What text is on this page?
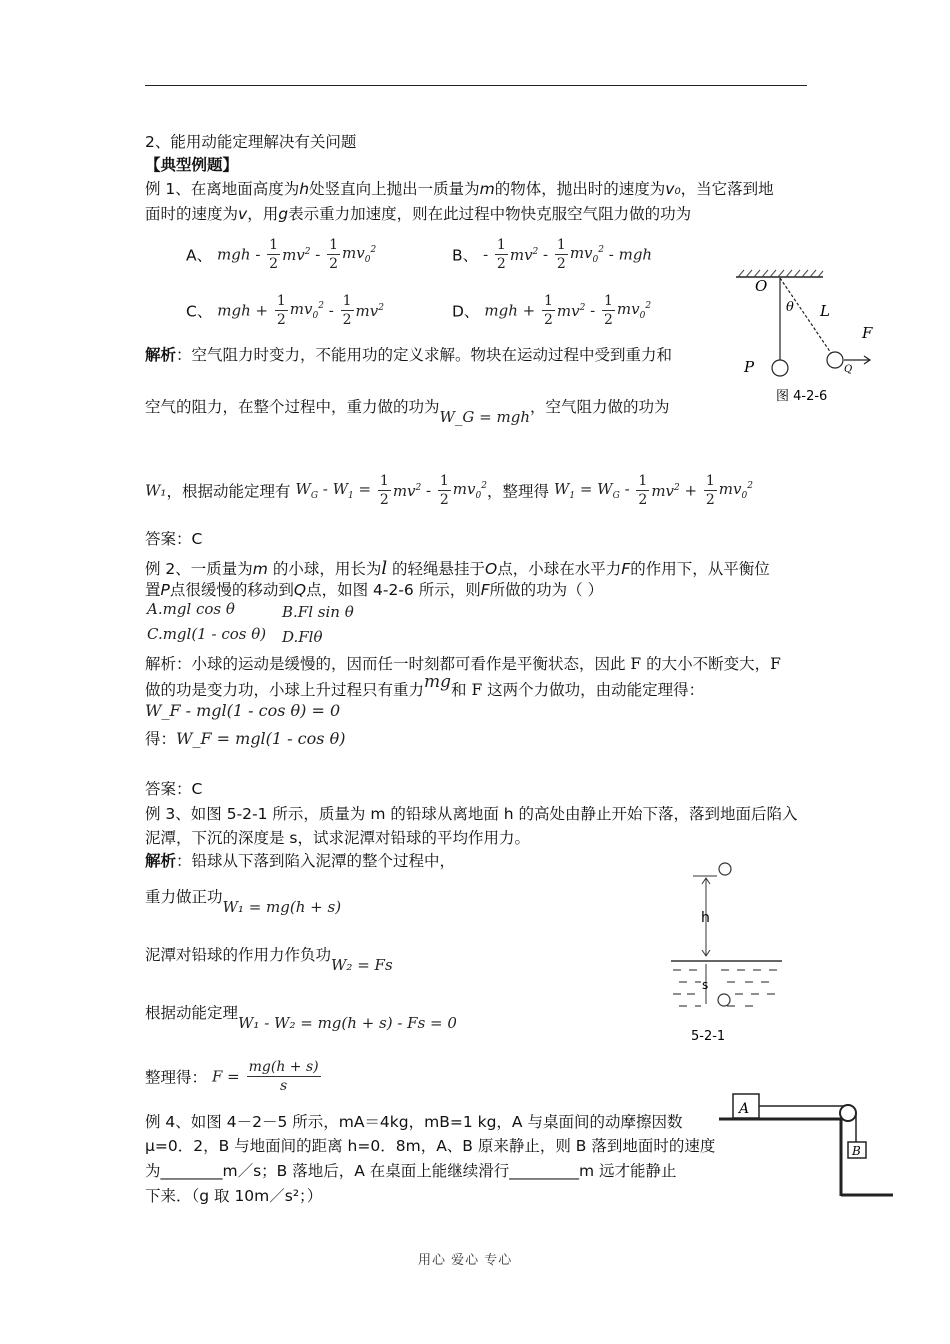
2、能用动能定理解决有关问题
【典型例题】
例 1、在离地面高度为h处竖直向上抛出一质量为m的物体，抛出时的速度为v₀，当它落到地
面时的速度为v，用g表示重力加速度，则在此过程中物快克服空气阻力做的功为
A、 mgh - $\frac{1}{2} mv^2 - \frac{1}{2} mv_0^2$	B、 - $\frac{1}{2} mv^2 - \frac{1}{2} mv_0^2$ - mgh
C、 mgh + $\frac{1}{2} mv_0^2 - \frac{1}{2} mv^2$	D、 mgh + $\frac{1}{2} mv^2 - \frac{1}{2} mv_0^2$
解析：空气阻力时变力，不能用功的定义求解。物块在运动过程中受到重力和
空气的阻力，在整个过程中，重力做的功为W_G = mgh，空气阻力做的功为
W₁，根据动能定理有 $W_G - W_1 = \frac{1}{2} mv^2 - \frac{1}{2} mv_0^2$，整理得 $W_1 = W_G - \frac{1}{2} mv^2 + \frac{1}{2} mv_0^2$
答案：C
O
θ L
F
P	Q
图 4-2-6
例 2、一质量为m 的小球，用长为l 的轻绳悬挂于O点，小球在水平力F的作用下，从平衡位
置P点很缓慢的移动到Q点，如图 4-2-6 所示，则F所做的功为（ ）
A.mgl cos θ	B.Fl sin θ
C.mgl(1 - cos θ) D.Flθ
解析：小球的运动是缓慢的，因而任一时刻都可看作是平衡状态，因此 F 的大小不断变大，F
做的功是变力功，小球上升过程只有重力mg和 F 这两个力做功，由动能定理得：
W_F - mgl(1 - cos θ) = 0
得：W_F = mgl(1 - cos θ)
答案：C
例 3、如图 5-2-1 所示，质量为 m 的铅球从离地面 h 的高处由静止开始下落，落到地面后陷入
泥潭，下沉的深度是 s，试求泥潭对铅球的平均作用力。
解析：铅球从下落到陷入泥潭的整个过程中，
重力做正功W₁ = mg(h + s)
泥潭对铅球的作用力作负功W₂ = Fs
根据动能定理W₁ - W₂ = mg(h + s) - Fs = 0
整理得： $F = \frac{mg(h + s)}{s}$
h
s
5-2-1
例 4、如图 4－2－5 所示，mA＝4kg，mB=1 kg，A 与桌面间的动摩擦因数
μ=0．2，B 与地面间的距离 h=0．8m，A、B 原来静止，则 B 落到地面时的速度
为________m／s；B 落地后，A 在桌面上能继续滑行_________m 远才能静止
下来．（g 取 10m／s²；）
A
B
用心 爱心 专心
